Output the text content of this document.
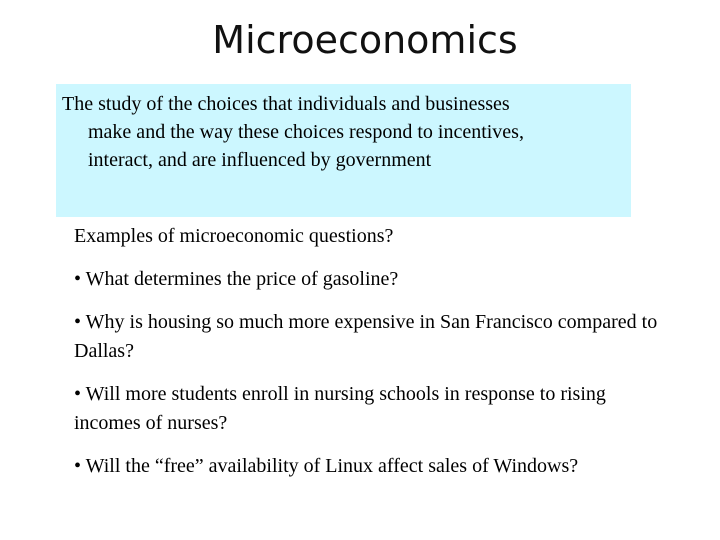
Microeconomics
The study of the choices that individuals and businesses
make and the way these choices respond to incentives,
interact, and are influenced by government
Examples of microeconomic questions?
• What determines the price of gasoline?
• Why is housing so much more expensive in San Francisco compared to Dallas?
• Will more students enroll in nursing schools in response to rising incomes of nurses?
• Will the “free” availability of Linux affect sales of Windows?
